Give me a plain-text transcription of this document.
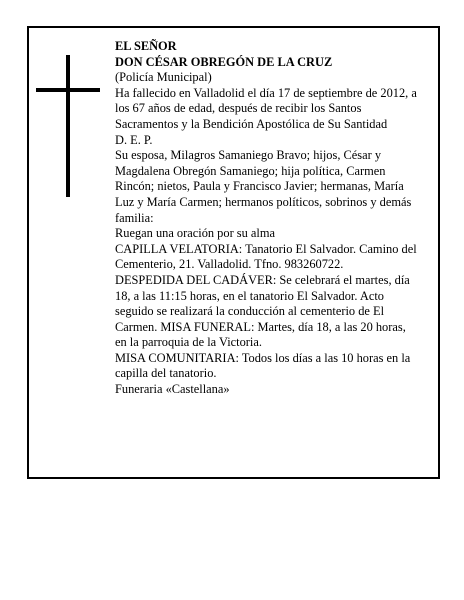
EL SEÑOR

DON CÉSAR OBREGÓN DE LA CRUZ

(Policía Municipal)

Ha fallecido en Valladolid el día 17 de septiembre de 2012, a los 67 años de edad, después de recibir los Santos Sacramentos y la Bendición Apostólica de Su Santidad

D. E. P.

Su esposa, Milagros Samaniego Bravo; hijos, César y Magdalena Obregón Samaniego; hija política, Carmen Rincón; nietos, Paula y Francisco Javier; hermanas, María Luz y María Carmen; hermanos políticos, sobrinos y demás familia:

Ruegan una oración por su alma

CAPILLA VELATORIA: Tanatorio El Salvador. Camino del Cementerio, 21. Valladolid. Tfno. 983260722.

DESPEDIDA DEL CADÁVER: Se celebrará el martes, día 18, a las 11:15 horas, en el tanatorio El Salvador. Acto seguido se realizará la conducción al cementerio de El Carmen. MISA FUNERAL: Martes, día 18, a las 20 horas, en la parroquia de la Victoria.

MISA COMUNITARIA: Todos los días a las 10 horas en la capilla del tanatorio.

Funeraria «Castellana»
